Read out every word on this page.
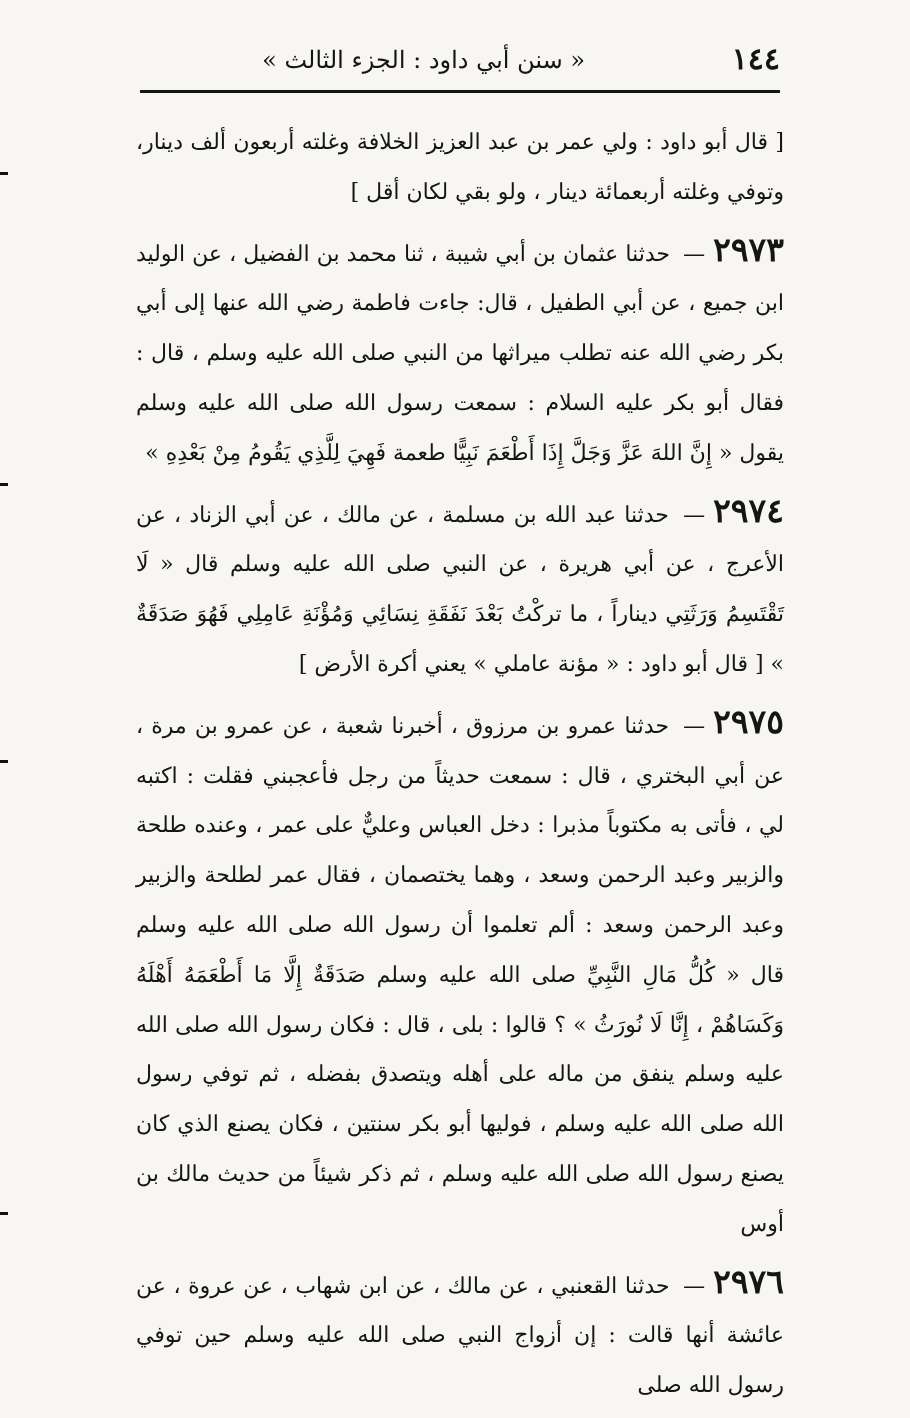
١٤٤
« سنن أبي داود : الجزء الثالث »

[ قال أبو داود : ولي عمر بن عبد العزيز الخلافة وغلته أربعون ألف دينار، وتوفي وغلته أربعمائة دينار ، ولو بقي لكان أقل ]

٢٩٧٣— حدثنا عثمان بن أبي شيبة ، ثنا محمد بن الفضيل ، عن الوليد ابن جميع ، عن أبي الطفيل ، قال: جاءت فاطمة رضي الله عنها إلى أبي بكر رضي الله عنه تطلب ميراثها من النبي صلى الله عليه وسلم ، قال : فقال أبو بكر عليه السلام : سمعت رسول الله صلى الله عليه وسلم يقول « إِنَّ اللهَ عَزَّ وَجَلَّ إِذَا أَطْعَمَ نَبِيًّا طعمة فَهِيَ لِلَّذِي يَقُومُ مِنْ بَعْدِهِ »

٢٩٧٤— حدثنا عبد الله بن مسلمة ، عن مالك ، عن أبي الزناد ، عن الأعرج ، عن أبي هريرة ، عن النبي صلى الله عليه وسلم قال « لَا تَقْتَسِمُ وَرَثَتِي ديناراً ، ما تركْتُ بَعْدَ نَفَقَةِ نِسَائِي وَمُؤْنَةِ عَامِلِي فَهُوَ صَدَقَةٌ » [ قال أبو داود : « مؤنة عاملي » يعني أكرة الأرض ]

٢٩٧٥— حدثنا عمرو بن مرزوق ، أخبرنا شعبة ، عن عمرو بن مرة ، عن أبي البختري ، قال : سمعت حديثاً من رجل فأعجبني فقلت : اكتبه لي ، فأتى به مكتوباً مذبرا : دخل العباس وعليٌّ على عمر ، وعنده طلحة والزبير وعبد الرحمن وسعد ، وهما يختصمان ، فقال عمر لطلحة والزبير وعبد الرحمن وسعد : ألم تعلموا أن رسول الله صلى الله عليه وسلم قال « كُلُّ مَالِ النَّبِيِّ صلى الله عليه وسلم صَدَقَةٌ إِلَّا مَا أَطْعَمَهُ أَهْلَهُ وَكَسَاهُمْ ، إِنَّا لَا نُورَثُ » ؟ قالوا : بلى ، قال : فكان رسول الله صلى الله عليه وسلم ينفق من ماله على أهله ويتصدق بفضله ، ثم توفي رسول الله صلى الله عليه وسلم ، فوليها أبو بكر سنتين ، فكان يصنع الذي كان يصنع رسول الله صلى الله عليه وسلم ، ثم ذكر شيئاً من حديث مالك بن أوس

٢٩٧٦— حدثنا القعنبي ، عن مالك ، عن ابن شهاب ، عن عروة ، عن عائشة أنها قالت : إن أزواج النبي صلى الله عليه وسلم حين توفي رسول الله صلى
